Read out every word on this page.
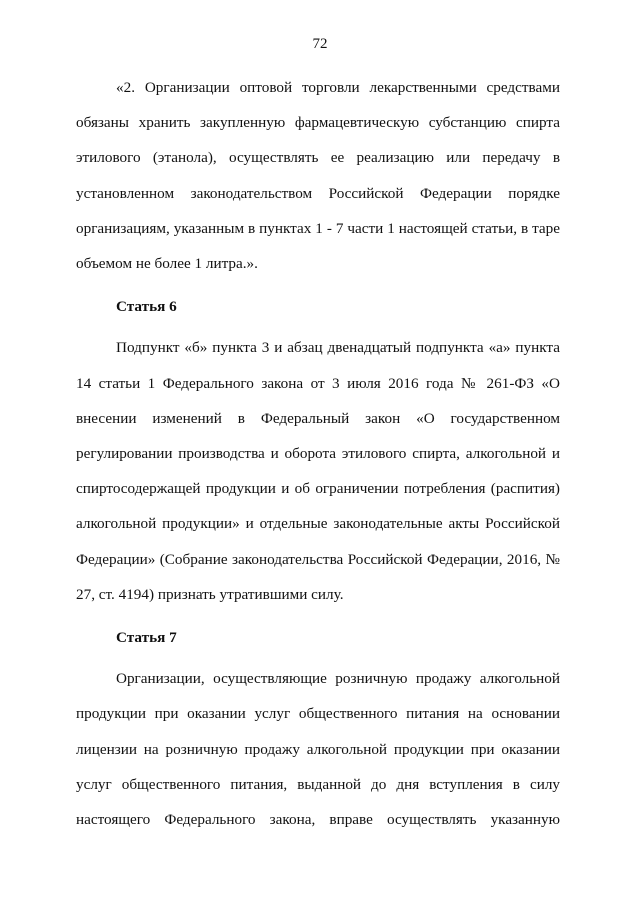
72

«2. Организации оптовой торговли лекарственными средствами обязаны хранить закупленную фармацевтическую субстанцию спирта этилового (этанола), осуществлять ее реализацию или передачу в установленном законодательством Российской Федерации порядке организациям, указанным в пунктах 1 - 7 части 1 настоящей статьи, в таре объемом не более 1 литра.».

Статья 6

Подпункт «б» пункта 3 и абзац двенадцатый подпункта «а» пункта 14 статьи 1 Федерального закона от 3 июля 2016 года № 261-ФЗ «О внесении изменений в Федеральный закон «О государственном регулировании производства и оборота этилового спирта, алкогольной и спиртосодержащей продукции и об ограничении потребления (распития) алкогольной продукции» и отдельные законодательные акты Российской Федерации» (Собрание законодательства Российской Федерации, 2016, № 27, ст. 4194) признать утратившими силу.

Статья 7

Организации, осуществляющие розничную продажу алкогольной продукции при оказании услуг общественного питания на основании лицензии на розничную продажу алкогольной продукции при оказании услуг общественного питания, выданной до дня вступления в силу настоящего Федерального закона, вправе осуществлять указанную
